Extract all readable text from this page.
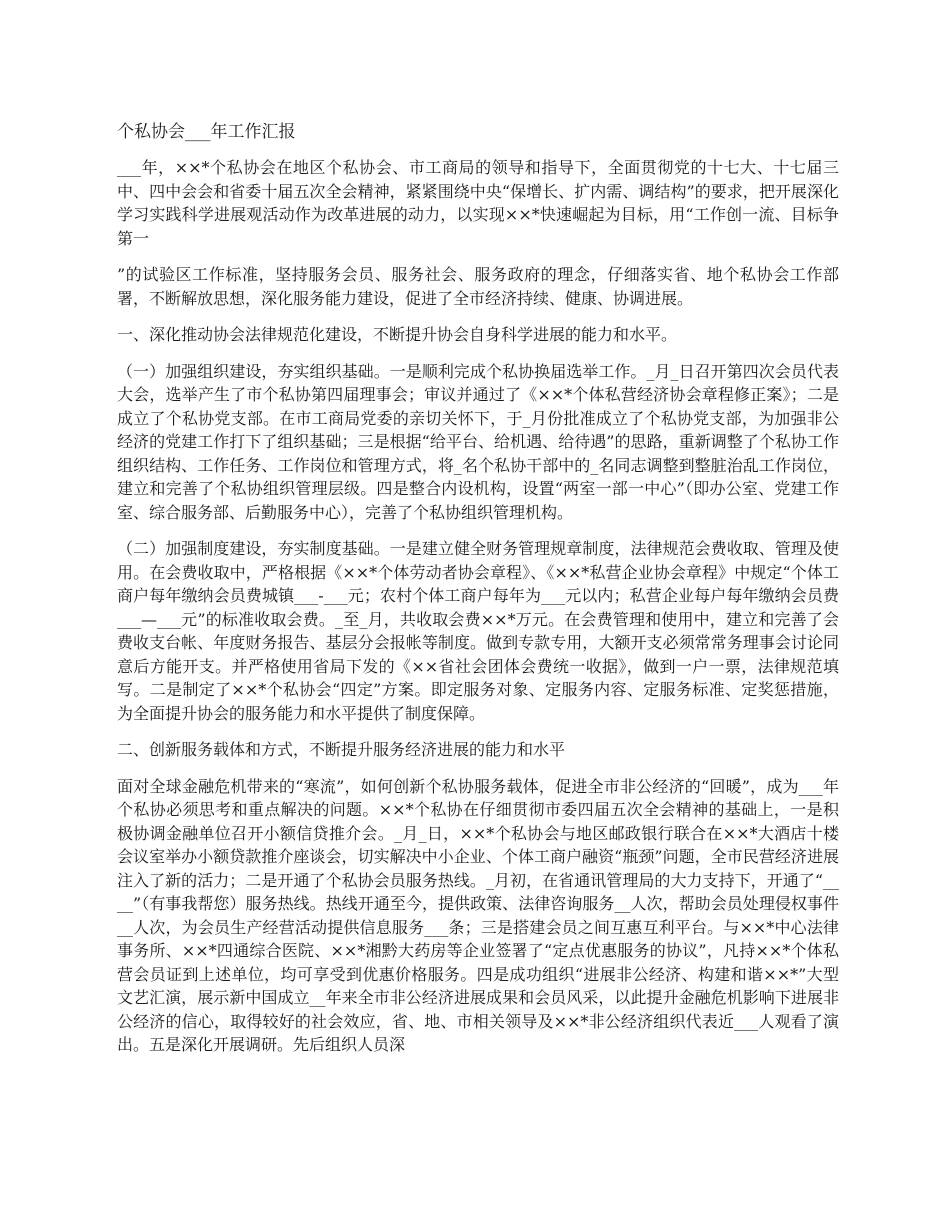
个私协会___年工作汇报

___年，××*个私协会在地区个私协会、市工商局的领导和指导下，全面贯彻党的十七大、十七届三中、四中会会和省委十届五次全会精神，紧紧围绕中央“保增长、扩内需、调结构”的要求，把开展深化学习实践科学进展观活动作为改革进展的动力，以实现××*快速崛起为目标，用“工作创一流、目标争第一

”的试验区工作标准，坚持服务会员、服务社会、服务政府的理念，仔细落实省、地个私协会工作部署，不断解放思想，深化服务能力建设，促进了全市经济持续、健康、协调进展。

一、深化推动协会法律规范化建设，不断提升协会自身科学进展的能力和水平。

（一）加强组织建设，夯实组织基础。一是顺利完成个私协换届选举工作。_月_日召开第四次会员代表大会，选举产生了市个私协第四届理事会；审议并通过了《××*个体私营经济协会章程修正案》；二是成立了个私协党支部。在市工商局党委的亲切关怀下，于_月份批准成立了个私协党支部，为加强非公经济的党建工作打下了组织基础；三是根据“给平台、给机遇、给待遇”的思路，重新调整了个私协工作组织结构、工作任务、工作岗位和管理方式，将_名个私协干部中的_名同志调整到整脏治乱工作岗位，建立和完善了个私协组织管理层级。四是整合内设机构，设置“两室一部一中心”（即办公室、党建工作室、综合服务部、后勤服务中心），完善了个私协组织管理机构。

（二）加强制度建设，夯实制度基础。一是建立健全财务管理规章制度，法律规范会费收取、管理及使用。在会费收取中，严格根据《××*个体劳动者协会章程》、《××*私营企业协会章程》中规定“个体工商户每年缴纳会员费城镇___-___元；农村个体工商户每年为___元以内；私营企业每户每年缴纳会员费___—___元”的标准收取会费。_至_月，共收取会费××*万元。在会费管理和使用中，建立和完善了会费收支台帐、年度财务报告、基层分会报帐等制度。做到专款专用，大额开支必须常常务理事会讨论同意后方能开支。并严格使用省局下发的《××省社会团体会费统一收据》，做到一户一票，法律规范填写。二是制定了××*个私协会“四定”方案。即定服务对象、定服务内容、定服务标准、定奖惩措施，为全面提升协会的服务能力和水平提供了制度保障。

二、创新服务载体和方式，不断提升服务经济进展的能力和水平

面对全球金融危机带来的“寒流”，如何创新个私协服务载体，促进全市非公经济的“回暖”，成为___年个私协必须思考和重点解决的问题。××*个私协在仔细贯彻市委四届五次全会精神的基础上，一是积极协调金融单位召开小额信贷推介会。_月_日，××*个私协会与地区邮政银行联合在××*大酒店十楼会议室举办小额贷款推介座谈会，切实解决中小企业、个体工商户融资“瓶颈”问题，全市民营经济进展注入了新的活力；二是开通了个私协会员服务热线。_月初，在省通讯管理局的大力支持下，开通了“____”（有事我帮您）服务热线。热线开通至今，提供政策、法律咨询服务__人次，帮助会员处理侵权事件__人次，为会员生产经营活动提供信息服务___条；三是搭建会员之间互惠互利平台。与××*中心法律事务所、××*四通综合医院、××*湘黔大药房等企业签署了“定点优惠服务的协议”，凡持××*个体私营会员证到上述单位，均可享受到优惠价格服务。四是成功组织“进展非公经济、构建和谐××*”大型文艺汇演，展示新中国成立__年来全市非公经济进展成果和会员风采，以此提升金融危机影响下进展非公经济的信心，取得较好的社会效应，省、地、市相关领导及××*非公经济组织代表近___人观看了演出。五是深化开展调研。先后组织人员深
